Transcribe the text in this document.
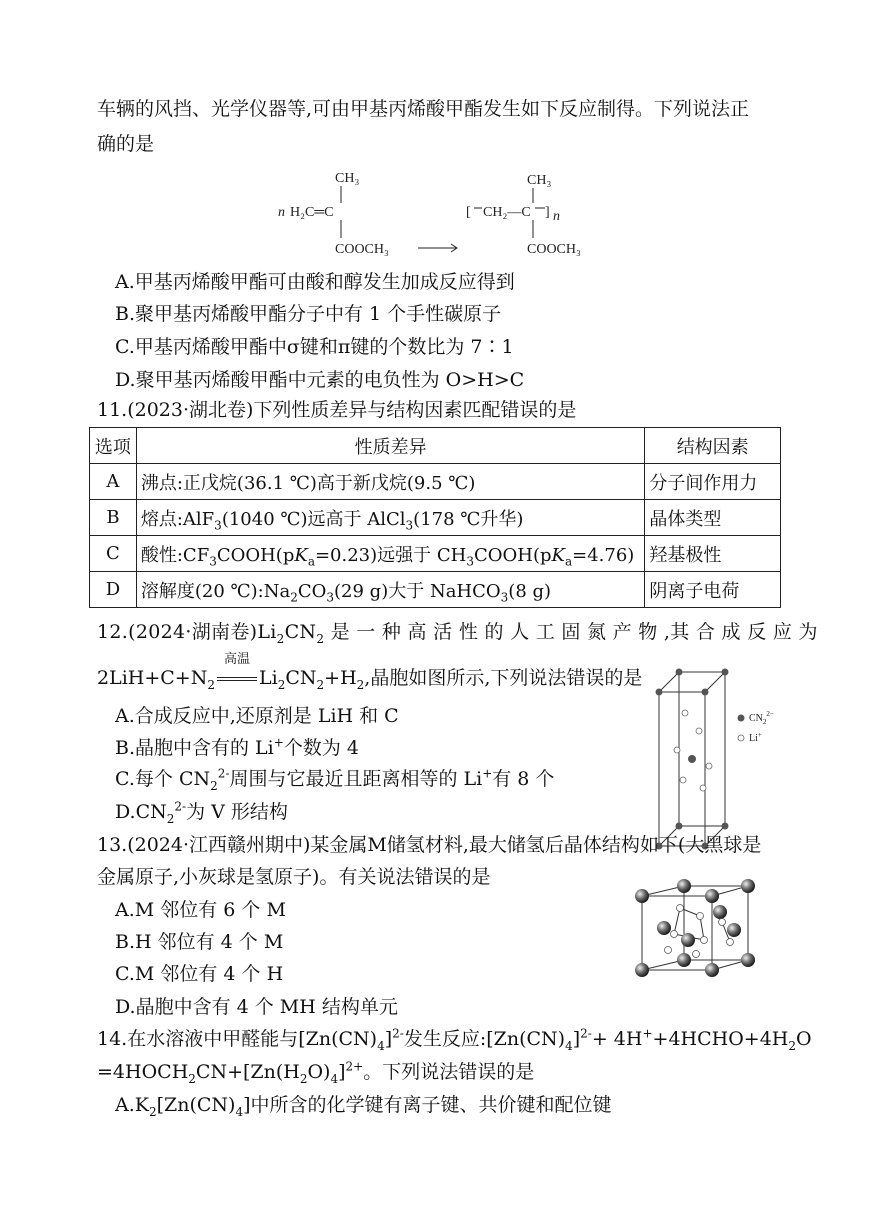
车辆的风挡、光学仪器等,可由甲基丙烯酸甲酯发生如下反应制得。下列说法正
确的是
n H₂C═C
CH₃
COOCH₃
[ CH₂—C ] n
CH₃
COOCH₃
A.甲基丙烯酸甲酯可由酸和醇发生加成反应得到
B.聚甲基丙烯酸甲酯分子中有 1 个手性碳原子
C.甲基丙烯酸甲酯中σ键和π键的个数比为 7∶1
D.聚甲基丙烯酸甲酯中元素的电负性为 O>H>C
11.(2023·湖北卷)下列性质差异与结构因素匹配错误的是
选项	性质差异	结构因素
A	沸点:正戊烷(36.1 ℃)高于新戊烷(9.5 ℃)	分子间作用力
B	熔点:AlF$_3$(1040 ℃)远高于 AlCl$_3$(178 ℃升华)	晶体类型
C	酸性$:CF_3COOH(pK_a=0.23)$远强于 $CH_3COOH(pK_a=4.76)$	羟基极性
D	溶解度(20 $℃):Na_2CO_3(29$ g)大于 NaHCO$_3$(8 g)	阴离子电荷
12.(2024·湖南卷)$Li_2CN_2$ 是 一 种 高 活 性 的 人 工 固 氮 产 物 ,其 合 成 反 应 为
$2LiH+C+N_2$
高温
$Li_2CN_2+H_2$,晶胞如图所示,下列说法错误的是
A.合成反应中,还原剂是 LiH 和 C
B.晶胞中含有的 Li+个数为 4
C.每个 $CN_2^{2-}$周围与它最近且距离相等的 Li+有 8 个
$D.CN_2^{2-}$为 V 形结构
$CN_2^{2-}$
Li+
13.(2024·江西赣州期中)某金属M储氢材料,最大储氢后晶体结构如下(大黑球是
金属原子,小灰球是氢原子)。有关说法错误的是
A.M 邻位有 6 个 M
B.H 邻位有 4 个 M
C.M 邻位有 4 个 H
D.晶胞中含有 4 个 MH 结构单元
14.在水溶液中甲醛能与$[Zn(CN)_4]^{2-}$发生反应$:[Zn(CN)_4]^{2-}+$ $4H^++4HCHO+4H_2O$
$=4HOCH_2CN+[Zn(H_2O)_4]^{2+}$。下列说法错误的是
$A.K_2[Zn(CN)_4]$中所含的化学键有离子键、共价键和配位键
